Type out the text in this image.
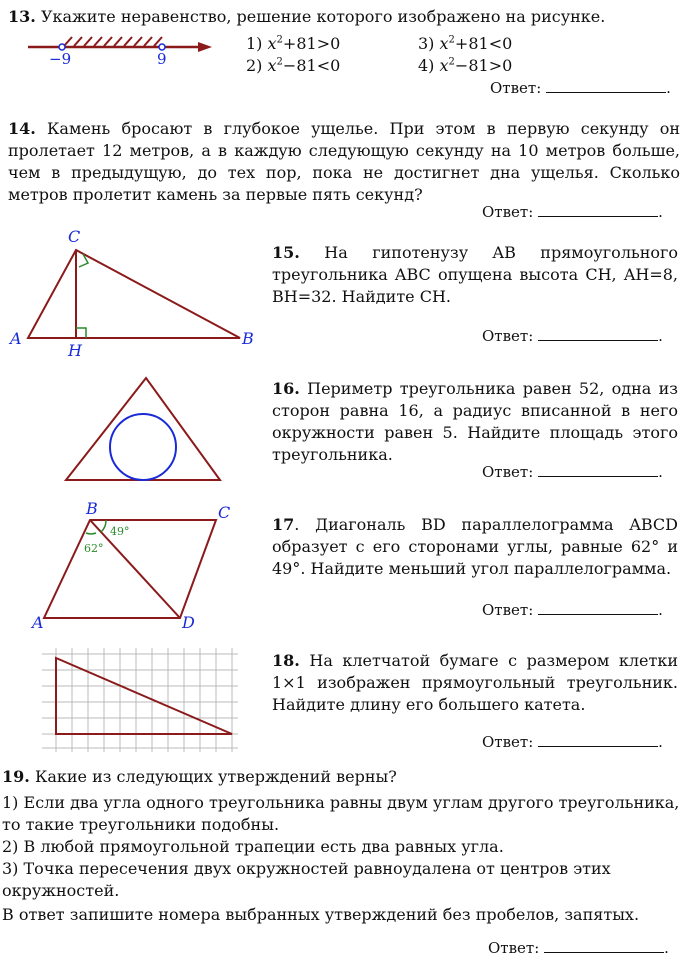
13. Укажите неравенство, решение которого изображено на рисунке.
−9	9
1) $x^2+81>0$	3) $x^2+81<0$
2) $x^2-81<0$	4) $x^2-81>0$
Ответ:	.
14. Камень бросают в глубокое ущелье. При этом в первую секунду он пролетает 12 метров, а в каждую следующую секунду на 10 метров больше, чем в предыдущую, до тех пор, пока не достигнет дна ущелья. Сколько метров пролетит камень за первые пять секунд?
Ответ:	.
C
A	B
H
15. На гипотенузу AB прямоугольного треугольника ABC опущена высота CH, AH=8, BH=32. Найдите CH.
Ответ:	.
16. Периметр треугольника равен 52, одна из сторон равна 16, а радиус вписанной в него окружности равен 5. Найдите площадь этого треугольника.
Ответ:	.
49°
62°
B	C
A	D
17. Диагональ BD параллелограмма ABCD образует с его сторонами углы, равные 62° и 49°. Найдите меньший угол параллелограмма.
Ответ:	.
18. На клетчатой бумаге с размером клетки 1×1 изображен прямоугольный треугольник. Найдите длину его большего катета.
Ответ:	.
19. Какие из следующих утверждений верны?
1) Если два угла одного треугольника равны двум углам другого треугольника, то такие треугольники подобны.
2) В любой прямоугольной трапеции есть два равных угла.
3) Точка пересечения двух окружностей равноудалена от центров этих окружностей.
В ответ запишите номера выбранных утверждений без пробелов, запятых.
Ответ:	.
